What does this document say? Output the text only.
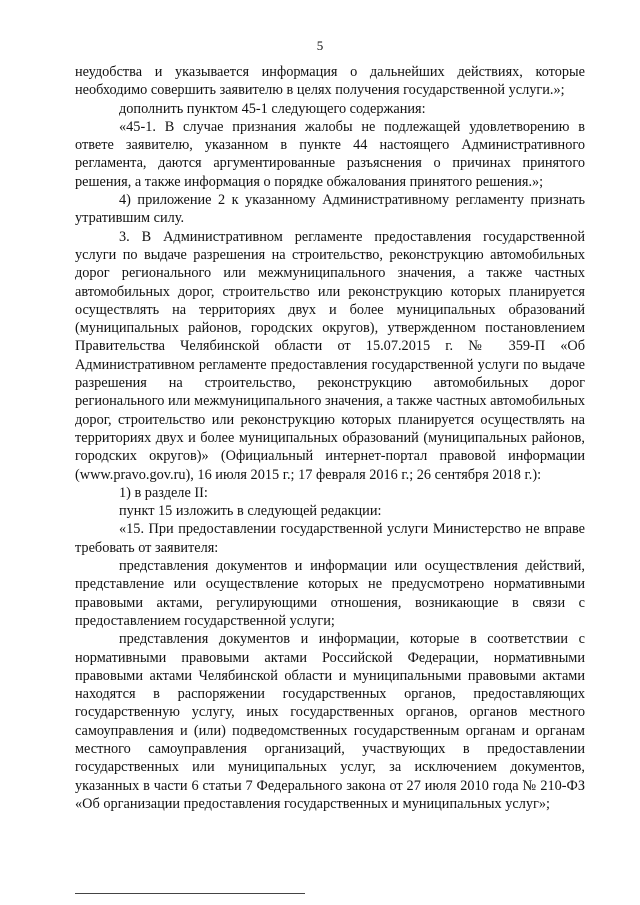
5

неудобства и указывается информация о дальнейших действиях, которые необходимо совершить заявителю в целях получения государственной услуги.»;

дополнить пунктом 45-1 следующего содержания:

«45-1. В случае признания жалобы не подлежащей удовлетворению в ответе заявителю, указанном в пункте 44 настоящего Административного регламента, даются аргументированные разъяснения о причинах принятого решения, а также информация о порядке обжалования принятого решения.»;

4) приложение 2 к указанному Административному регламенту признать утратившим силу.

3. В Административном регламенте предоставления государственной услуги по выдаче разрешения на строительство, реконструкцию автомобильных дорог регионального или межмуниципального значения, а также частных автомобильных дорог, строительство или реконструкцию которых планируется осуществлять на территориях двух и более муниципальных образований (муниципальных районов, городских округов), утвержденном постановлением Правительства Челябинской области от 15.07.2015 г. № 359-П «Об Административном регламенте предоставления государственной услуги по выдаче разрешения на строительство, реконструкцию автомобильных дорог регионального или межмуниципального значения, а также частных автомобильных дорог, строительство или реконструкцию которых планируется осуществлять на территориях двух и более муниципальных образований (муниципальных районов, городских округов)» (Официальный интернет-портал правовой информации (www.pravo.gov.ru), 16 июля 2015 г.; 17 февраля 2016 г.; 26 сентября 2018 г.):

1) в разделе II:

пункт 15 изложить в следующей редакции:

«15. При предоставлении государственной услуги Министерство не вправе требовать от заявителя:

представления документов и информации или осуществления действий, представление или осуществление которых не предусмотрено нормативными правовыми актами, регулирующими отношения, возникающие в связи с предоставлением государственной услуги;

представления документов и информации, которые в соответствии с нормативными правовыми актами Российской Федерации, нормативными правовыми актами Челябинской области и муниципальными правовыми актами находятся в распоряжении государственных органов, предоставляющих государственную услугу, иных государственных органов, органов местного самоуправления и (или) подведомственных государственным органам и органам местного самоуправления организаций, участвующих в предоставлении государственных или муниципальных услуг, за исключением документов, указанных в части 6 статьи 7 Федерального закона от 27 июля 2010 года № 210-ФЗ «Об организации предоставления государственных и муниципальных услуг»;
